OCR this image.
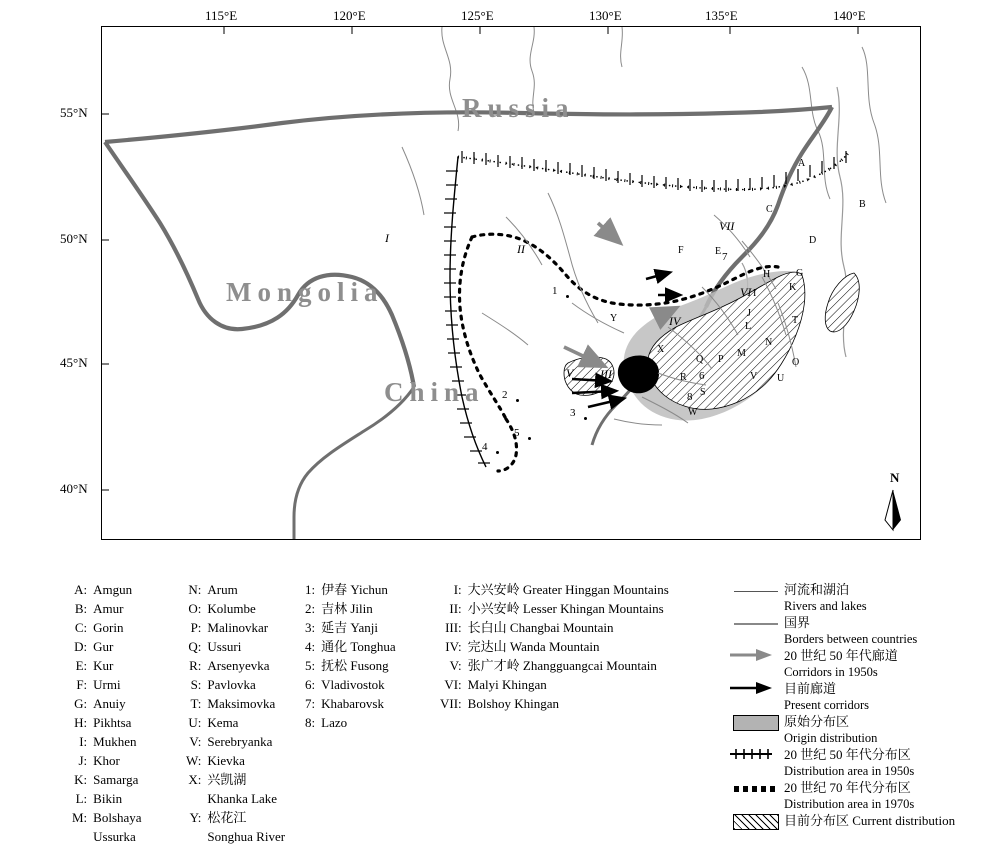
115°E	120°E	125°E	130°E	135°E	140°E
55°N
50°N
45°N
40°N
Russia
Mongolia
China
I
II
III
IV
V
VI
VII
1
2
3
4
5
6
7
8
A
B
C
D
E
F
G
H
I
J
K
L
M
N
O
P
Q
R
S
T
U
V
W
X
Y
N
A:	Amgun
B:	Amur
C:	Gorin
D:	Gur
E:	Kur
F:	Urmi
G:	Anuiy
H:	Pikhtsa
I:	Mukhen
J:	Khor
K:	Samarga
L:	Bikin
M:	Bolshaya
	Ussurka
N:	Arum
O:	Kolumbe
P:	Malinovkar
Q:	Ussuri
R:	Arsenyevka
S:	Pavlovka
T:	Maksimovka
U:	Kema
V:	Serebryanka
W:	Kievka
X:	兴凯湖
	Khanka Lake
Y:	松花江
	Songhua River
1:	伊春 Yichun
2:	吉林 Jilin
3:	延吉 Yanji
4:	通化 Tonghua
5:	抚松 Fusong
6:	Vladivostok
7:	Khabarovsk
8:	Lazo
I:	大兴安岭 Greater Hinggan Mountains
II:	小兴安岭 Lesser Khingan Mountains
III:	长白山 Changbai Mountain
IV:	完达山 Wanda Mountain
V:	张广才岭 Zhangguangcai Mountain
VI:	Malyi Khingan
VII:	Bolshoy Khingan

	河流和湖泊
Rivers and lakes

	国界
Borders between countries

20 世纪 50 年代廊道
Corridors in 1950s

目前廊道
Present corridors

	原始分布区
Origin distribution

20 世纪 50 年代分布区
Distribution area in 1950s

	20 世纪 70 年代分布区
Distribution area in 1970s

	目前分布区 Current distribution
